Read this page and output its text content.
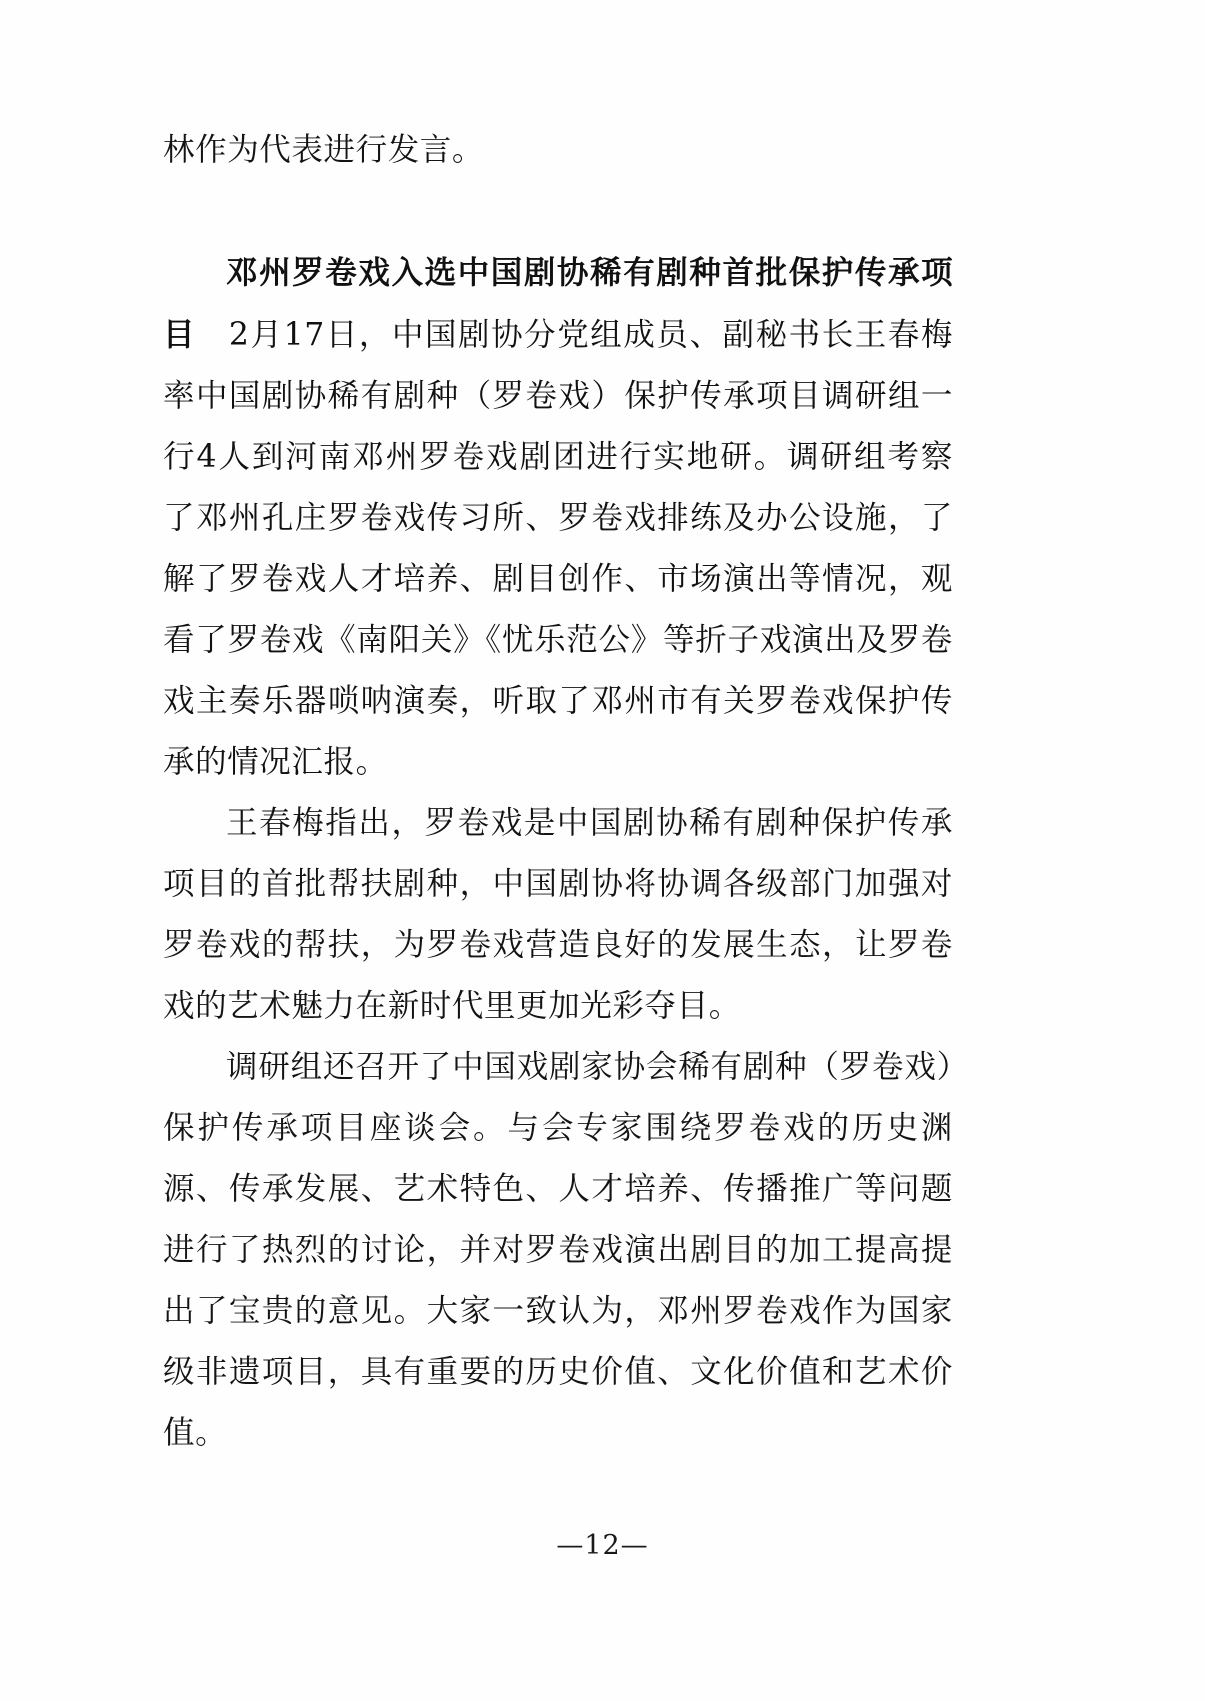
林作为代表进行发言。

邓州罗卷戏入选中国剧协稀有剧种首批保护传承项目 2月17日，中国剧协分党组成员、副秘书长王春梅率中国剧协稀有剧种（罗卷戏）保护传承项目调研组一行4人到河南邓州罗卷戏剧团进行实地研。调研组考察了邓州孔庄罗卷戏传习所、罗卷戏排练及办公设施，了解了罗卷戏人才培养、剧目创作、市场演出等情况，观看了罗卷戏《南阳关》《忧乐范公》等折子戏演出及罗卷戏主奏乐器唢呐演奏，听取了邓州市有关罗卷戏保护传承的情况汇报。

王春梅指出，罗卷戏是中国剧协稀有剧种保护传承项目的首批帮扶剧种，中国剧协将协调各级部门加强对罗卷戏的帮扶，为罗卷戏营造良好的发展生态，让罗卷戏的艺术魅力在新时代里更加光彩夺目。

调研组还召开了中国戏剧家协会稀有剧种（罗卷戏）保护传承项目座谈会。与会专家围绕罗卷戏的历史渊源、传承发展、艺术特色、人才培养、传播推广等问题进行了热烈的讨论，并对罗卷戏演出剧目的加工提高提出了宝贵的意见。大家一致认为，邓州罗卷戏作为国家级非遗项目，具有重要的历史价值、文化价值和艺术价值。

—12—
